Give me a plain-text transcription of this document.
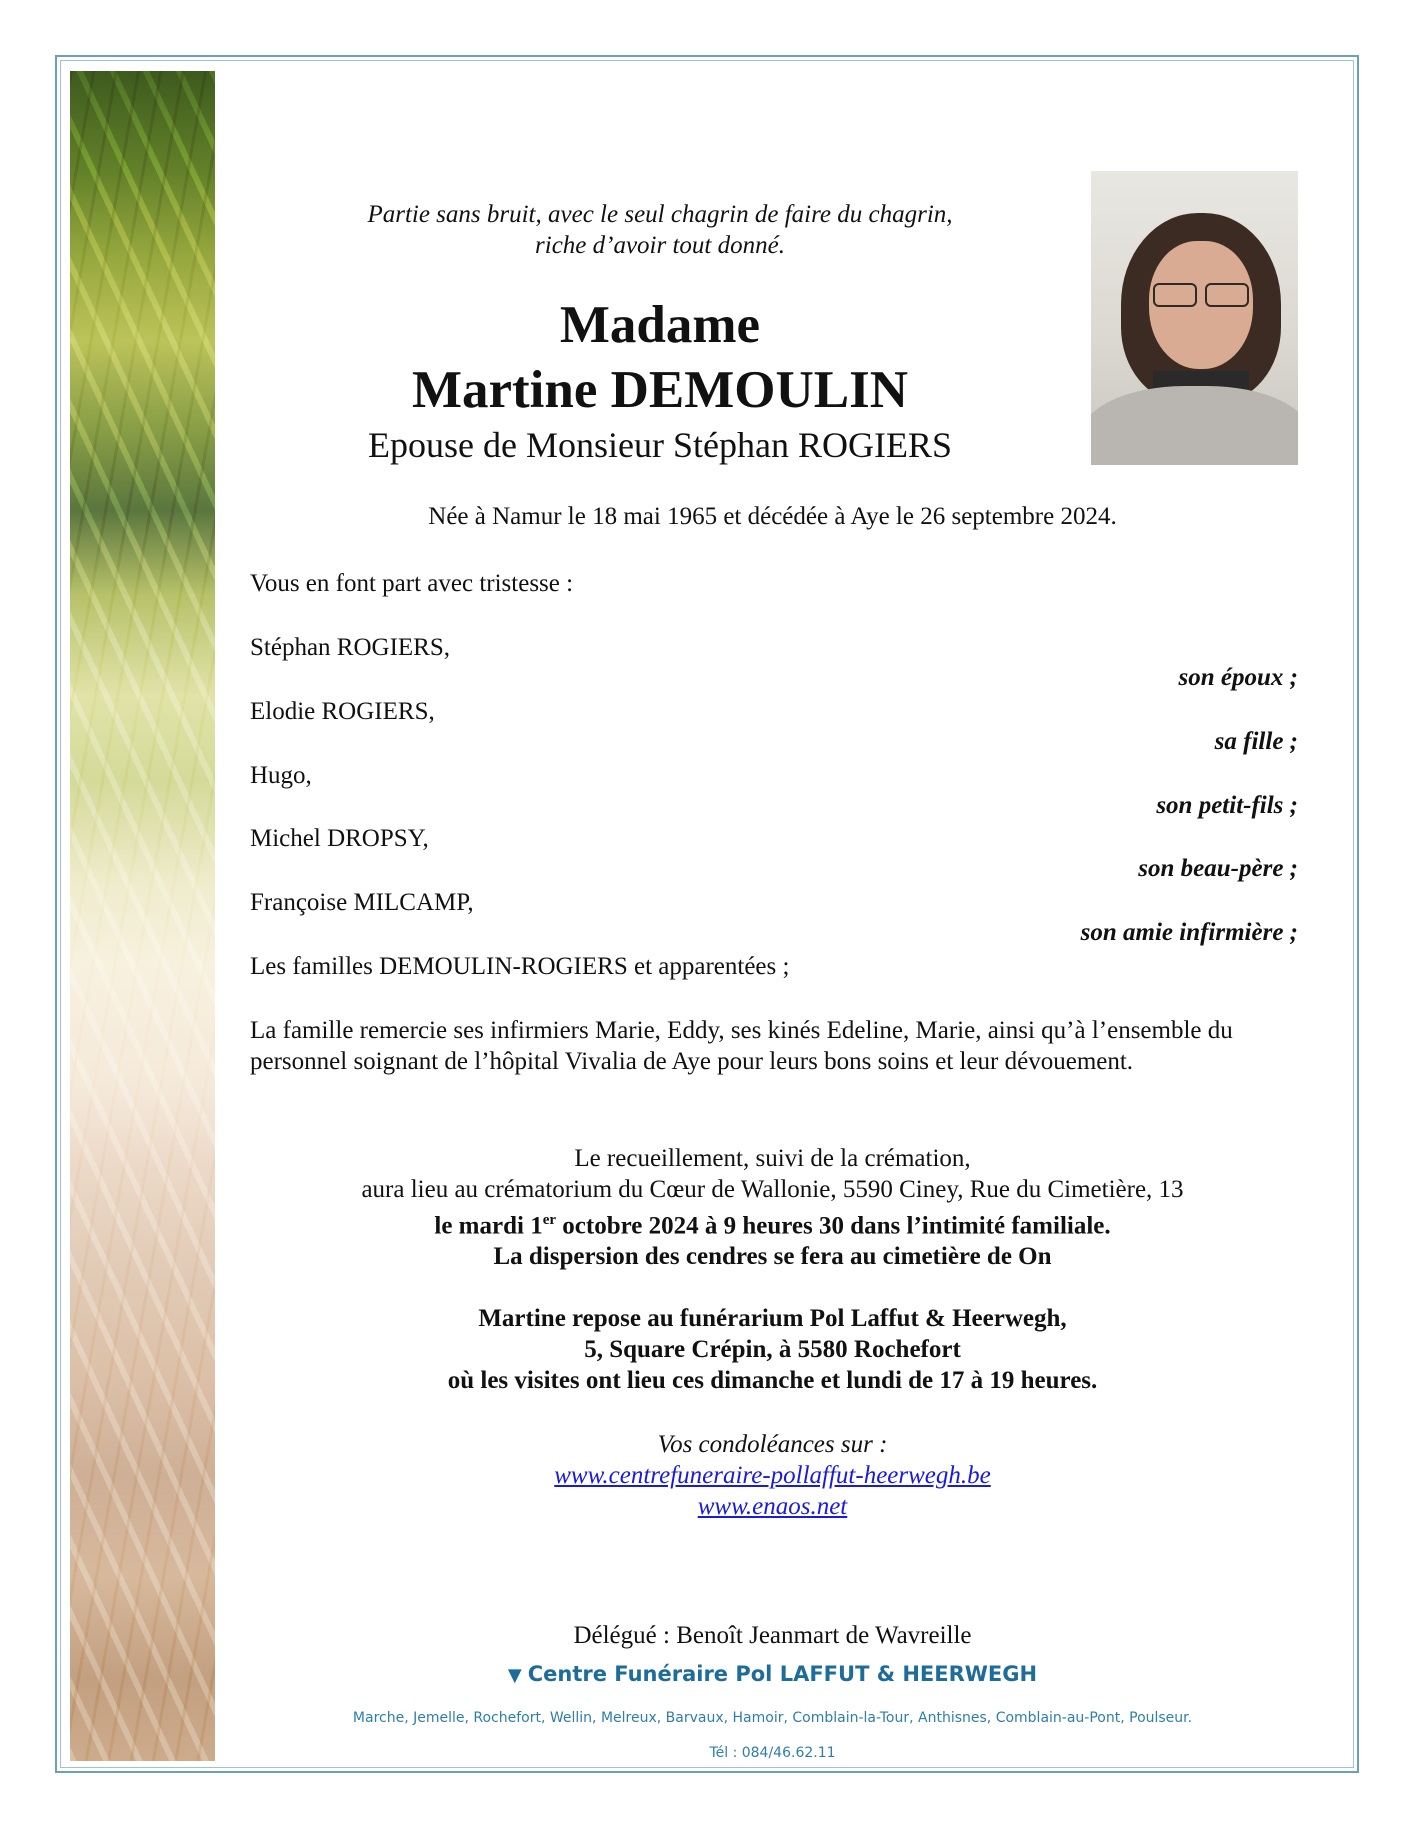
Partie sans bruit, avec le seul chagrin de faire du chagrin,
riche d’avoir tout donné.
Madame
Martine DEMOULIN
Epouse de Monsieur Stéphan ROGIERS
Née à Namur le 18 mai 1965 et décédée à Aye le 26 septembre 2024.
Vous en font part avec tristesse :
Stéphan ROGIERS,
son époux ;
Elodie ROGIERS,
sa fille ;
Hugo,
son petit-fils ;
Michel DROPSY,
son beau-père ;
Françoise MILCAMP,
son amie infirmière ;
Les familles DEMOULIN-ROGIERS et apparentées ;
La famille remercie ses infirmiers Marie, Eddy, ses kinés Edeline, Marie, ainsi qu’à l’ensemble du personnel soignant de l’hôpital Vivalia de Aye pour leurs bons soins et leur dévouement.
Le recueillement, suivi de la crémation,
aura lieu au crématorium du Cœur de Wallonie, 5590 Ciney, Rue du Cimetière, 13
le mardi 1er octobre 2024 à 9 heures 30 dans l’intimité familiale.
La dispersion des cendres se fera au cimetière de On
Martine repose au funérarium Pol Laffut & Heerwegh,
5, Square Crépin, à 5580 Rochefort
où les visites ont lieu ces dimanche et lundi de 17 à 19 heures.
Vos condoléances sur :
www.centrefuneraire-pollaffut-heerwegh.be
www.enaos.net
Délégué : Benoît Jeanmart de Wavreille
▼ Centre Funéraire Pol LAFFUT & HEERWEGH
Marche, Jemelle, Rochefort, Wellin, Melreux, Barvaux, Hamoir, Comblain-la-Tour, Anthisnes, Comblain-au-Pont, Poulseur.
Tél : 084/46.62.11
